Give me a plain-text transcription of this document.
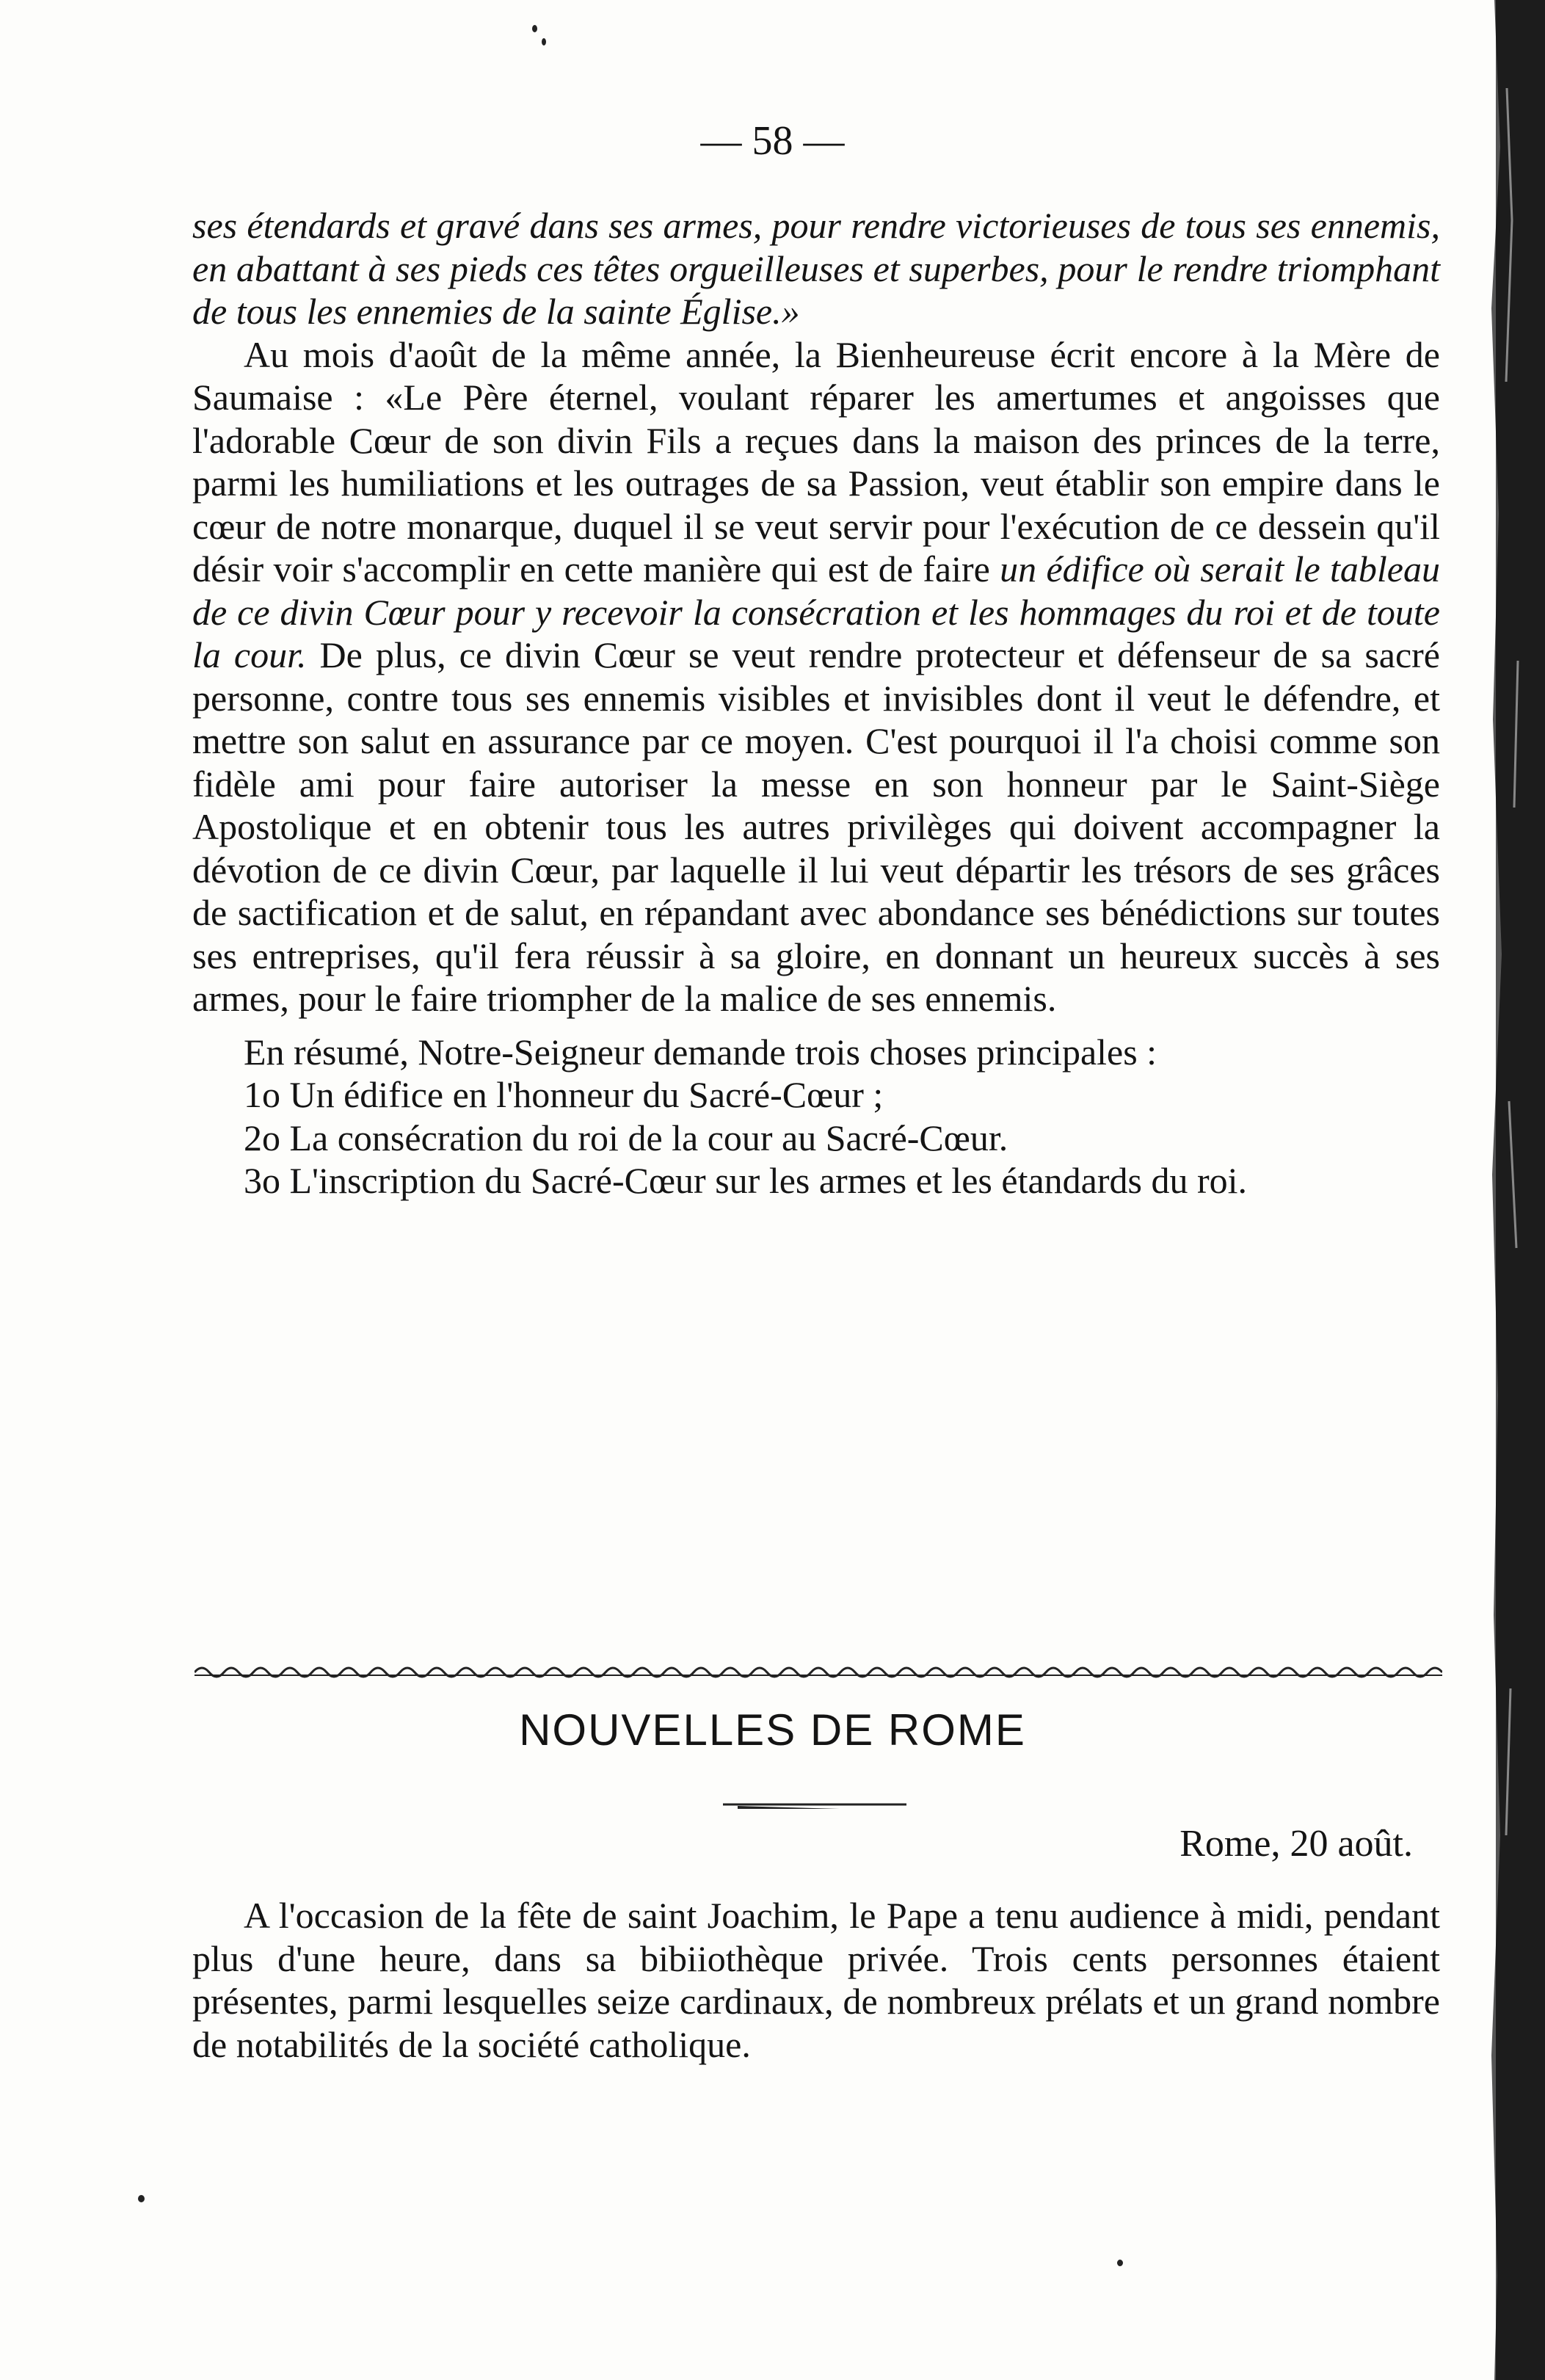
— 58 —

ses étendards et gravé dans ses armes, pour rendre victorieuses de tous ses ennemis, en abattant à ses pieds ces têtes orgueilleuses et superbes, pour le rendre triomphant de tous les ennemies de la sainte Église.»

Au mois d'août de la même année, la Bienheureuse écrit encore à la Mère de Saumaise : «Le Père éternel, voulant réparer les amertumes et angoisses que l'adorable Cœur de son divin Fils a reçues dans la maison des princes de la terre, parmi les humiliations et les outrages de sa Passion, veut établir son empire dans le cœur de notre monarque, duquel il se veut servir pour l'exécution de ce dessein qu'il désir voir s'accomplir en cette manière qui est de faire un édifice où serait le tableau de ce divin Cœur pour y recevoir la consécration et les hommages du roi et de toute la cour. De plus, ce divin Cœur se veut rendre protecteur et défenseur de sa sacré personne, contre tous ses ennemis visibles et invisibles dont il veut le défendre, et mettre son salut en assurance par ce moyen. C'est pourquoi il l'a choisi comme son fidèle ami pour faire autoriser la messe en son honneur par le Saint-Siège Apostolique et en obtenir tous les autres privilèges qui doivent accompagner la dévotion de ce divin Cœur, par laquelle il lui veut départir les trésors de ses grâces de sactification et de salut, en répandant avec abondance ses bénédictions sur toutes ses entreprises, qu'il fera réussir à sa gloire, en donnant un heureux succès à ses armes, pour le faire triompher de la malice de ses ennemis.

En résumé, Notre-Seigneur demande trois choses principales :

1o Un édifice en l'honneur du Sacré-Cœur ;

2o La consécration du roi de la cour au Sacré-Cœur.

3o L'inscription du Sacré-Cœur sur les armes et les étandards du roi.

NOUVELLES DE ROME
Rome, 20 août.

A l'occasion de la fête de saint Joachim, le Pape a tenu audience à midi, pendant plus d'une heure, dans sa bibiiothèque privée. Trois cents personnes étaient présentes, parmi lesquelles seize cardinaux, de nombreux prélats et un grand nombre de notabilités de la société catholique.
